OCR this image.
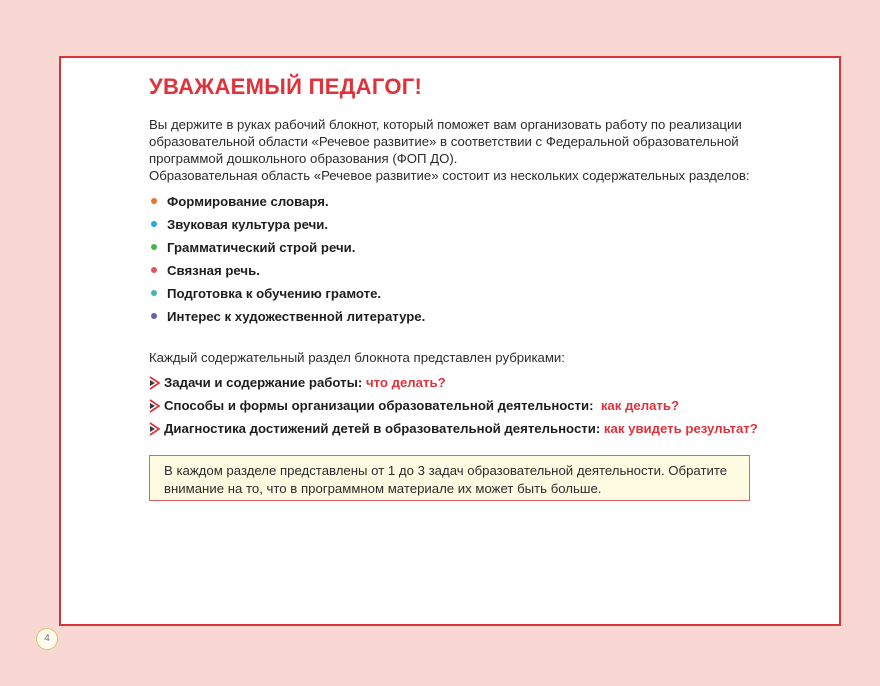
УВАЖАЕМЫЙ ПЕДАГОГ!

Вы держите в руках рабочий блокнот, который поможет вам организовать работу по реализации образовательной области «Речевое развитие» в соответствии с Федеральной образовательной программой дошкольного образования (ФОП ДО).

Образовательная область «Речевое развитие» состоит из нескольких содержательных разделов:

Формирование словаря.
Звуковая культура речи.
Грамматический строй речи.
Связная речь.
Подготовка к обучению грамоте.
Интерес к художественной литературе.
Каждый содержательный раздел блокнота представлен рубриками:
Задачи и содержание работы: что делать?
Способы и формы организации образовательной деятельности: как делать?
Диагностика достижений детей в образовательной деятельности: как увидеть результат?
В каждом разделе представлены от 1 до 3 задач образовательной деятельности. Обратите внимание на то, что в программном материале их может быть больше.
4
